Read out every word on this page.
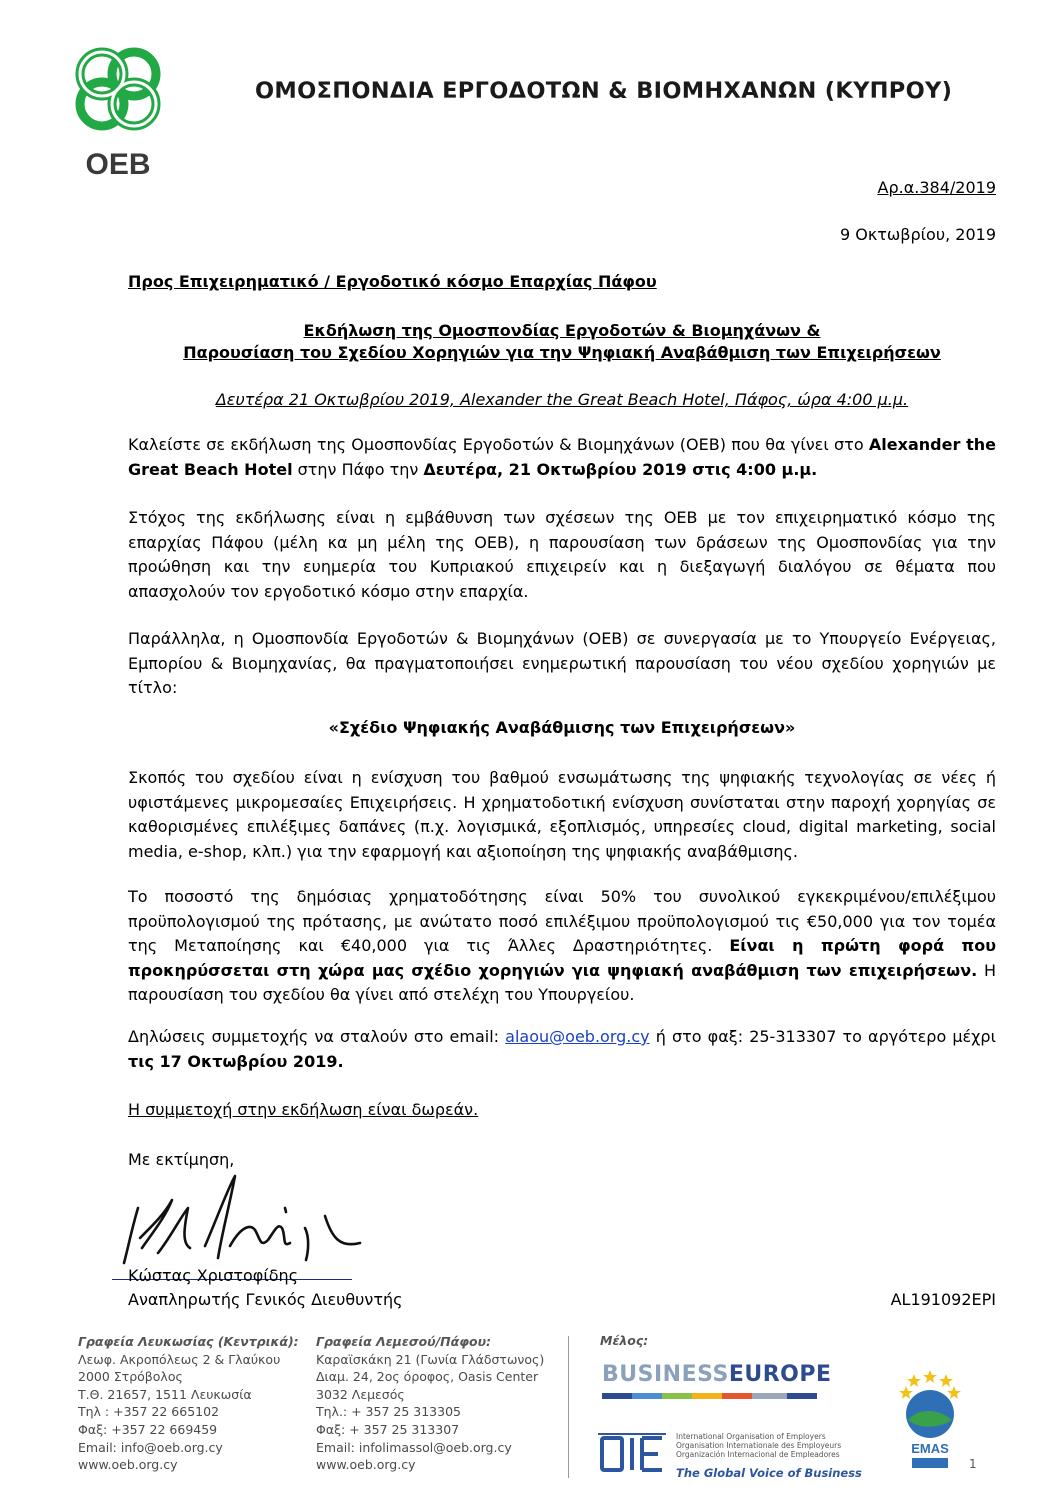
OEB
ΟΜΟΣΠΟΝΔΙΑ ΕΡΓΟΔΟΤΩΝ & ΒΙΟΜΗΧΑΝΩΝ (ΚΥΠΡΟΥ)
Αρ.α.384/2019
9 Οκτωβρίου, 2019
Προς Επιχειρηματικό / Εργοδοτικό κόσμο Επαρχίας Πάφου
Εκδήλωση της Ομοσπονδίας Εργοδοτών & Βιομηχάνων &
Παρουσίαση του Σχεδίου Χορηγιών για την Ψηφιακή Αναβάθμιση των Επιχειρήσεων
Δευτέρα 21 Οκτωβρίου 2019, Alexander the Great Beach Hotel, Πάφος, ώρα 4:00 μ.μ.
Καλείστε σε εκδήλωση της Ομοσπονδίας Εργοδοτών & Βιομηχάνων (ΟΕΒ) που θα γίνει στο Alexander the Great Beach Hotel στην Πάφο την Δευτέρα, 21 Οκτωβρίου 2019 στις 4:00 μ.μ.
Στόχος της εκδήλωσης είναι η εμβάθυνση των σχέσεων της ΟΕΒ με τον επιχειρηματικό κόσμο της επαρχίας Πάφου (μέλη κα μη μέλη της ΟΕΒ), η παρουσίαση των δράσεων της Ομοσπονδίας για την προώθηση και την ευημερία του Κυπριακού επιχειρείν και η διεξαγωγή διαλόγου σε θέματα που απασχολούν τον εργοδοτικό κόσμο στην επαρχία.
Παράλληλα, η Ομοσπονδία Εργοδοτών & Βιομηχάνων (ΟΕΒ) σε συνεργασία με το Υπουργείο Ενέργειας, Εμπορίου & Βιομηχανίας, θα πραγματοποιήσει ενημερωτική παρουσίαση του νέου σχεδίου χορηγιών με τίτλο:
«Σχέδιο Ψηφιακής Αναβάθμισης των Επιχειρήσεων»
Σκοπός του σχεδίου είναι η ενίσχυση του βαθμού ενσωμάτωσης της ψηφιακής τεχνολογίας σε νέες ή υφιστάμενες μικρομεσαίες Επιχειρήσεις. Η χρηματοδοτική ενίσχυση συνίσταται στην παροχή χορηγίας σε καθορισμένες επιλέξιμες δαπάνες (π.χ. λογισμικά, εξοπλισμός, υπηρεσίες cloud, digital marketing, social media, e-shop, κλπ.) για την εφαρμογή και αξιοποίηση της ψηφιακής αναβάθμισης.
Το ποσοστό της δημόσιας χρηματοδότησης είναι 50% του συνολικού εγκεκριμένου/επιλέξιμου προϋπολογισμού της πρότασης, με ανώτατο ποσό επιλέξιμου προϋπολογισμού τις €50,000 για τον τομέα της Μεταποίησης και €40,000 για τις Άλλες Δραστηριότητες. Είναι η πρώτη φορά που προκηρύσσεται στη χώρα μας σχέδιο χορηγιών για ψηφιακή αναβάθμιση των επιχειρήσεων. Η παρουσίαση του σχεδίου θα γίνει από στελέχη του Υπουργείου.
Δηλώσεις συμμετοχής να σταλούν στο email: alaou@oeb.org.cy ή στο φαξ: 25-313307 το αργότερο μέχρι τις 17 Οκτωβρίου 2019.
Η συμμετοχή στην εκδήλωση είναι δωρεάν.
Με εκτίμηση,
Κώστας Χριστοφίδης
Αναπληρωτής Γενικός Διευθυντής	AL191092EPI
Γραφεία Λευκωσίας (Κεντρικά):
Λεωφ. Ακροπόλεως 2 & Γλαύκου
2000 Στρόβολος
Τ.Θ. 21657, 1511 Λευκωσία
Τηλ : +357 22 665102
Φαξ: +357 22 669459
Email: info@oeb.org.cy
www.oeb.org.cy
Γραφεία Λεμεσού/Πάφου:
Καραϊσκάκη 21 (Γωνία Γλάδστωνος)
Διαμ. 24, 2ος όροφος, Oasis Center
3032 Λεμεσός
Τηλ.: + 357 25 313305
Φαξ: + 357 25 313307
Email: infolimassol@oeb.org.cy
www.oeb.org.cy
Μέλος:
BUSINESSEUROPE
International Organisation of Employers
Organisation Internationale des Employeurs
Organización Internacional de Empleadores
The Global Voice of Business
EMAS
1
